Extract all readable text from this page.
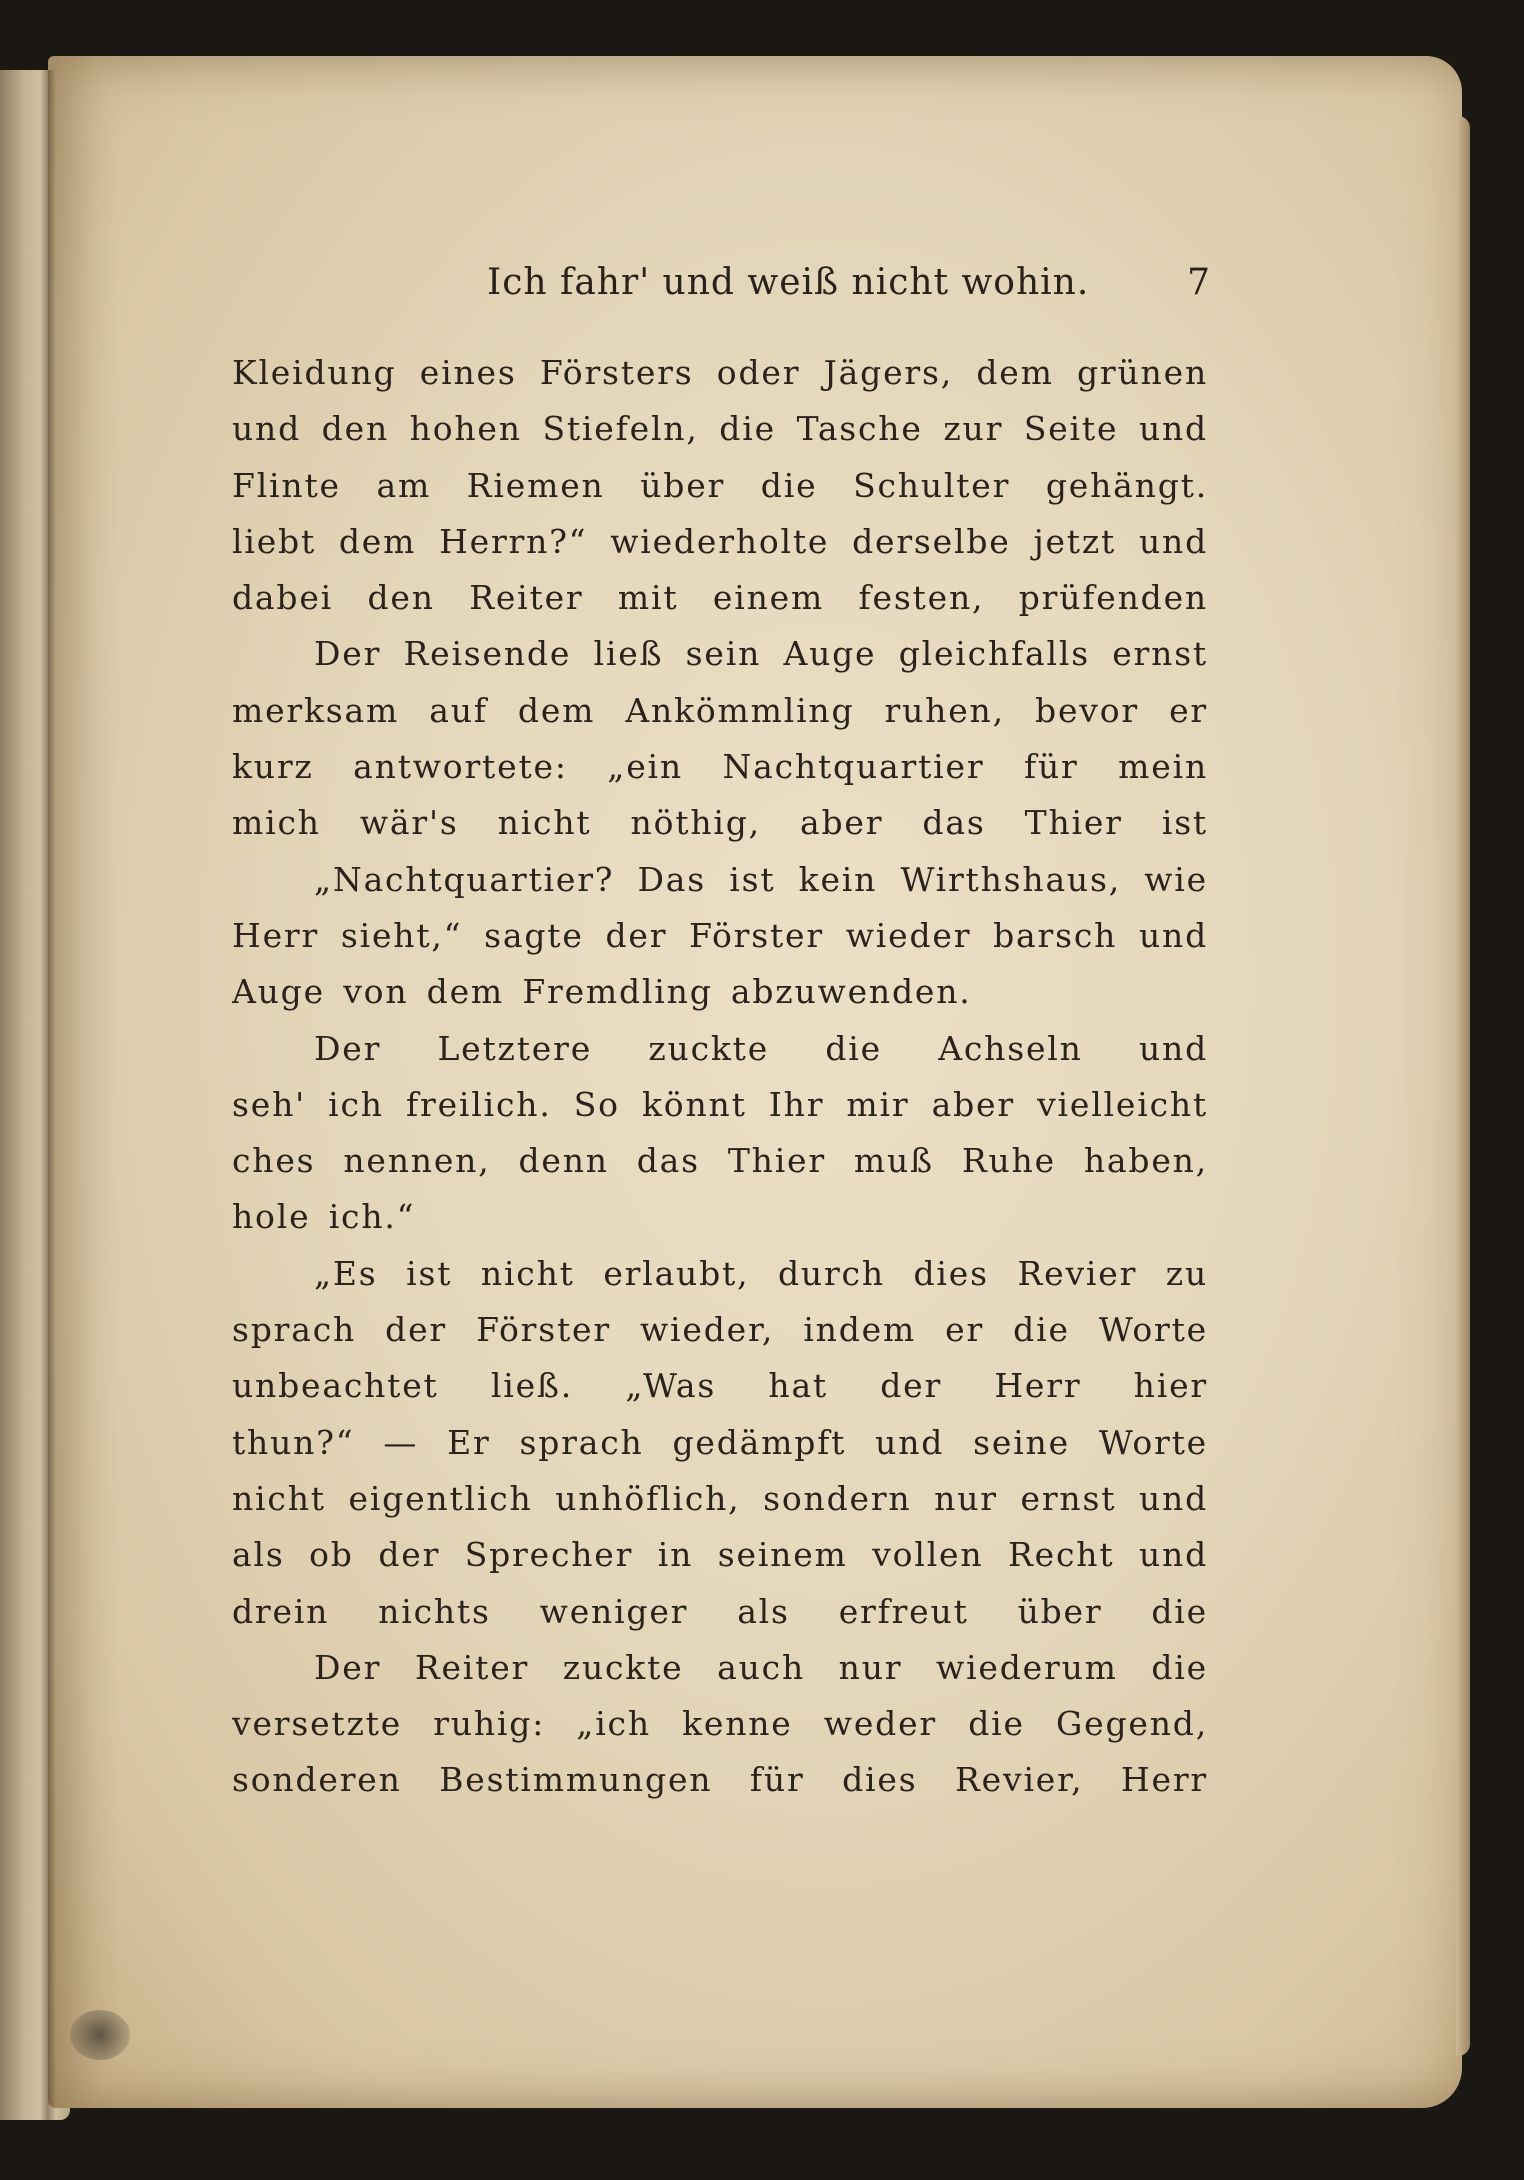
Ich fahr' und weiß nicht wohin.	7
Kleidung eines Försters oder Jägers, dem grünen
und den hohen Stiefeln, die Tasche zur Seite und
Flinte am Riemen über die Schulter gehängt.
liebt dem Herrn?“ wiederholte derselbe jetzt und
dabei den Reiter mit einem festen, prüfenden
Der Reisende ließ sein Auge gleichfalls ernst
merksam auf dem Ankömmling ruhen, bevor er
kurz antwortete: „ein Nachtquartier für mein
mich wär's nicht nöthig, aber das Thier ist
„Nachtquartier? Das ist kein Wirthshaus, wie
Herr sieht,“ sagte der Förster wieder barsch und
Auge von dem Fremdling abzuwenden.
Der Letztere zuckte die Achseln und
seh' ich freilich. So könnt Ihr mir aber vielleicht
ches nennen, denn das Thier muß Ruhe haben,
hole ich.“
„Es ist nicht erlaubt, durch dies Revier zu
sprach der Förster wieder, indem er die Worte
unbeachtet ließ. „Was hat der Herr hier
thun?“ — Er sprach gedämpft und seine Worte
nicht eigentlich unhöflich, sondern nur ernst und
als ob der Sprecher in seinem vollen Recht und
drein nichts weniger als erfreut über die
Der Reiter zuckte auch nur wiederum die
versetzte ruhig: „ich kenne weder die Gegend,
sonderen Bestimmungen für dies Revier, Herr
